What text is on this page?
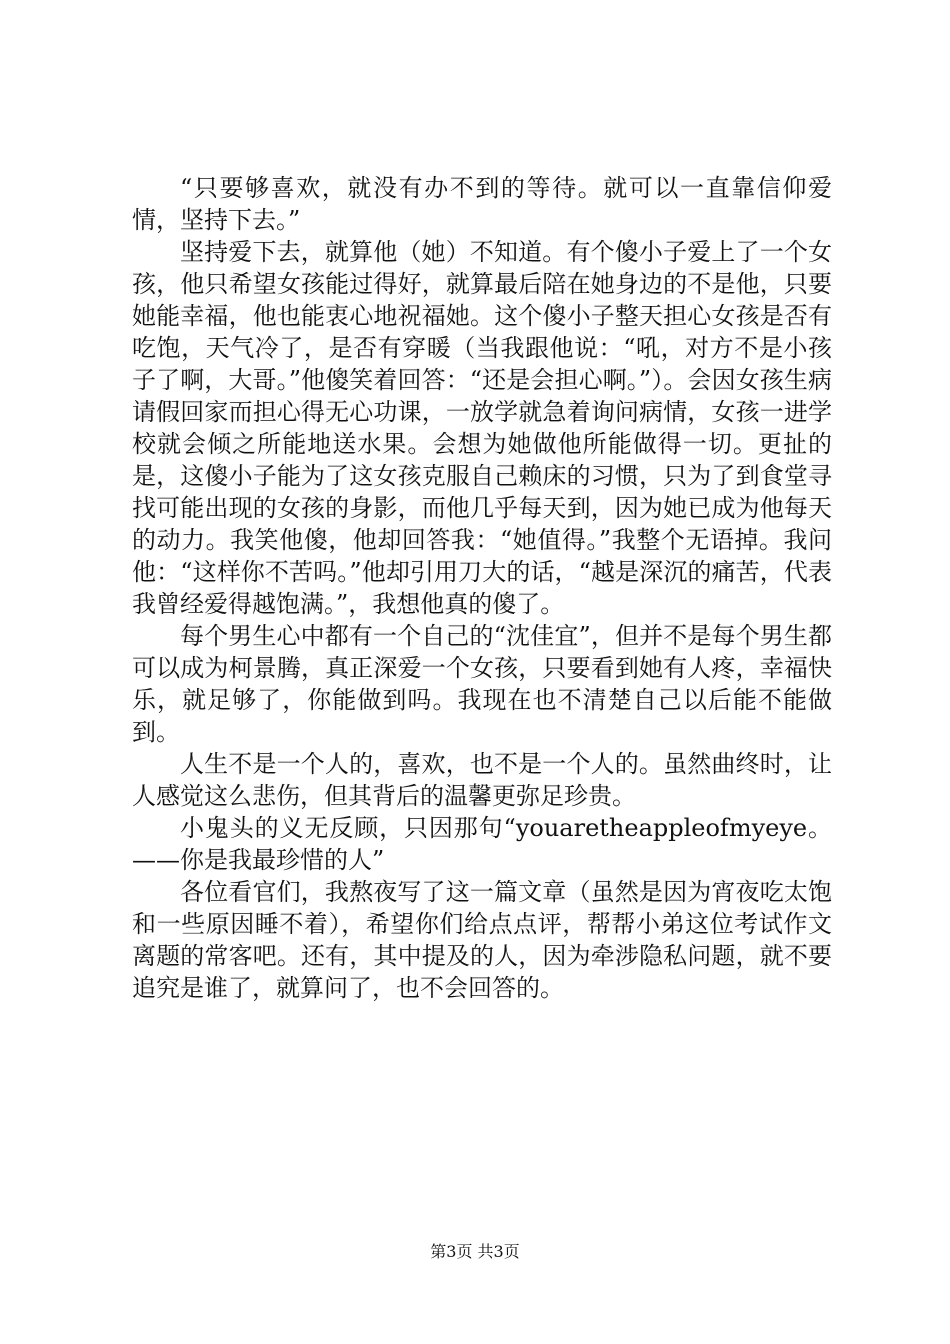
“只要够喜欢，就没有办不到的等待。就可以一直靠信仰爱情，坚持下去。”

坚持爱下去，就算他（她）不知道。有个傻小子爱上了一个女孩，他只希望女孩能过得好，就算最后陪在她身边的不是他，只要她能幸福，他也能衷心地祝福她。这个傻小子整天担心女孩是否有吃饱，天气冷了，是否有穿暖（当我跟他说：“吼，对方不是小孩子了啊，大哥。”他傻笑着回答：“还是会担心啊。”）。会因女孩生病请假回家而担心得无心功课，一放学就急着询问病情，女孩一进学校就会倾之所能地送水果。会想为她做他所能做得一切。更扯的是，这傻小子能为了这女孩克服自己赖床的习惯，只为了到食堂寻找可能出现的女孩的身影，而他几乎每天到，因为她已成为他每天的动力。我笑他傻，他却回答我：“她值得。”我整个无语掉。我问他：“这样你不苦吗。”他却引用刀大的话，“越是深沉的痛苦，代表我曾经爱得越饱满。”，我想他真的傻了。

每个男生心中都有一个自己的“沈佳宜”，但并不是每个男生都可以成为柯景腾，真正深爱一个女孩，只要看到她有人疼，幸福快乐，就足够了，你能做到吗。我现在也不清楚自己以后能不能做到。

人生不是一个人的，喜欢，也不是一个人的。虽然曲终时，让人感觉这么悲伤，但其背后的温馨更弥足珍贵。

小鬼头的义无反顾，只因那句“youaretheappleofmyeye。——你是我最珍惜的人”

各位看官们，我熬夜写了这一篇文章（虽然是因为宵夜吃太饱和一些原因睡不着），希望你们给点点评，帮帮小弟这位考试作文离题的常客吧。还有，其中提及的人，因为牵涉隐私问题，就不要追究是谁了，就算问了，也不会回答的。

第3页 共3页
